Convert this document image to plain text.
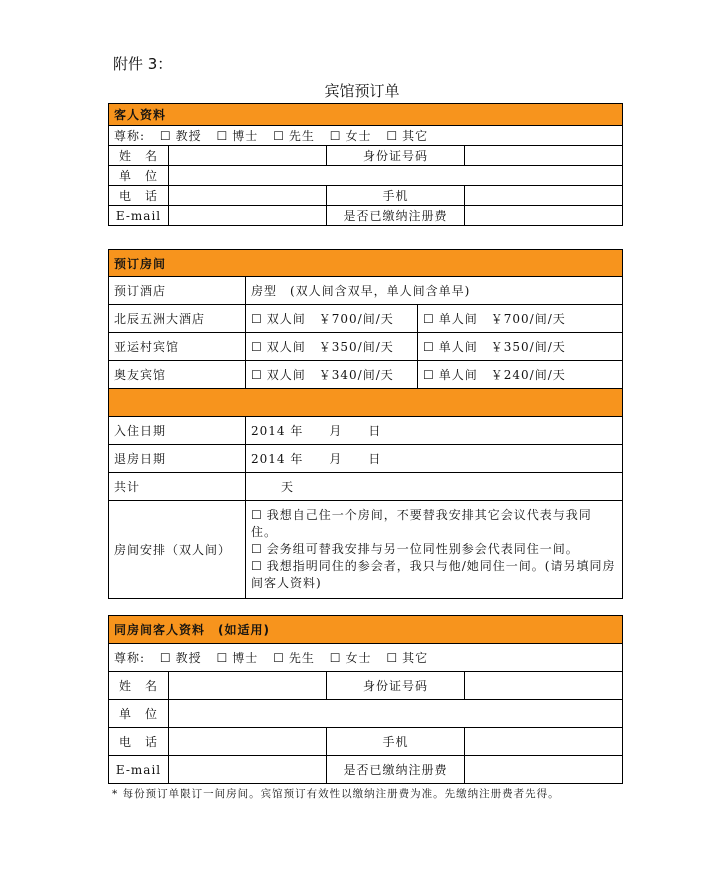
附件 3：
宾馆预订单
客人资料			
尊称: ☐ 教授 ☐ 博士 ☐ 先生 ☐ 女士 ☐ 其它
姓　名		身份证号码	
单　位			
电　话		手机	
E-mail		是否已缴纳注册费	
预订房间		
预订酒店	房型　(双人间含双早，单人间含单早)	
北辰五洲大酒店	☐ 双人间　￥700/间/天	☐ 单人间　￥700/间/天
亚运村宾馆	☐ 双人间　￥350/间/天	☐ 单人间　￥350/间/天
奥友宾馆	☐ 双人间　￥340/间/天	☐ 单人间　￥240/间/天

入住日期	2014 年　　月　　日	
退房日期	2014 年　　月　　日	
共计	天	
房间安排（双人间）	☐ 我想自己住一个房间，不要替我安排其它会议代表与我同住。
☐ 会务组可替我安排与另一位同性别参会代表同住一间。
☐ 我想指明同住的参会者，我只与他/她同住一间。(请另填同房间客人资料)
同房间客人资料　(如适用)			
尊称: ☐ 教授 ☐ 博士 ☐ 先生 ☐ 女士 ☐ 其它
姓　名		身份证号码	
单　位			
电　话		手机	
E-mail		是否已缴纳注册费	
* 每份预订单限订一间房间。宾馆预订有效性以缴纳注册费为准。先缴纳注册费者先得。
